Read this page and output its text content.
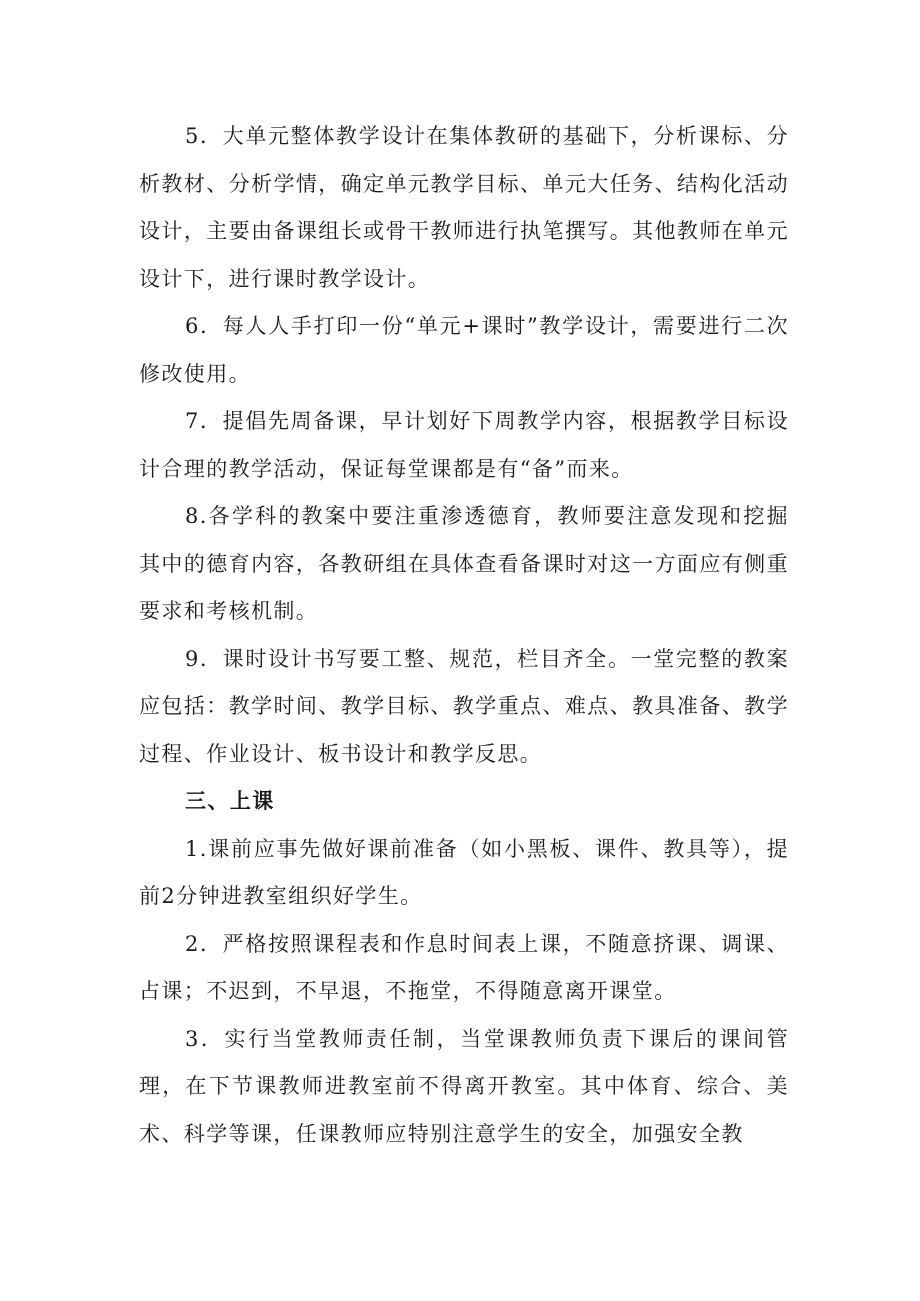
5．大单元整体教学设计在集体教研的基础下，分析课标、分析教材、分析学情，确定单元教学目标、单元大任务、结构化活动设计，主要由备课组长或骨干教师进行执笔撰写。其他教师在单元设计下，进行课时教学设计。

6．每人人手打印一份“单元+课时”教学设计，需要进行二次修改使用。

7．提倡先周备课，早计划好下周教学内容，根据教学目标设计合理的教学活动，保证每堂课都是有“备”而来。

8.各学科的教案中要注重渗透德育，教师要注意发现和挖掘其中的德育内容，各教研组在具体查看备课时对这一方面应有侧重要求和考核机制。

9．课时设计书写要工整、规范，栏目齐全。一堂完整的教案应包括：教学时间、教学目标、教学重点、难点、教具准备、教学过程、作业设计、板书设计和教学反思。

三、上课

1.课前应事先做好课前准备（如小黑板、课件、教具等），提前2分钟进教室组织好学生。

2．严格按照课程表和作息时间表上课，不随意挤课、调课、占课；不迟到，不早退，不拖堂，不得随意离开课堂。

3．实行当堂教师责任制，当堂课教师负责下课后的课间管理，在下节课教师进教室前不得离开教室。其中体育、综合、美术、科学等课，任课教师应特别注意学生的安全，加强安全教
